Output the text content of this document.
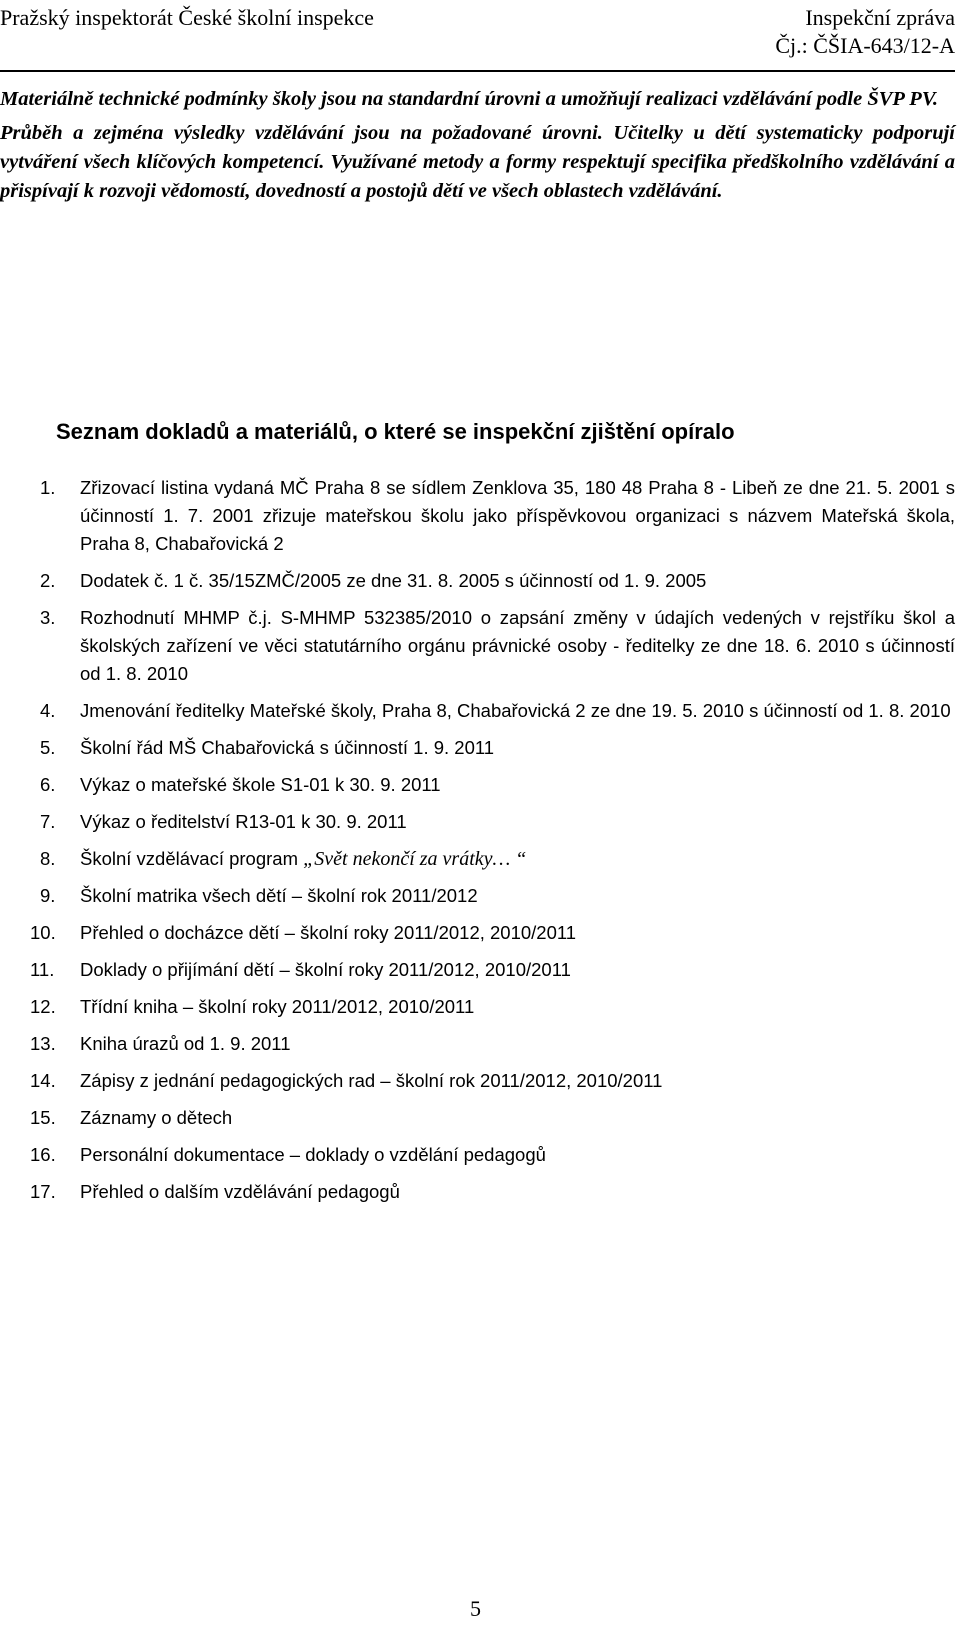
Pražský inspektorát České školní inspekce	Inspekční zpráva
Čj.: ČŠIA-643/12-A

Materiálně technické podmínky školy jsou na standardní úrovni a umožňují realizaci vzdělávání podle ŠVP PV.

Průběh a zejména výsledky vzdělávání jsou na požadované úrovni. Učitelky u dětí systematicky podporují vytváření všech klíčových kompetencí. Využívané metody a formy respektují specifika předškolního vzdělávání a přispívají k rozvoji vědomostí, dovedností a postojů dětí ve všech oblastech vzdělávání.

Seznam dokladů a materiálů, o které se inspekční zjištění opíralo
1. Zřizovací listina vydaná MČ Praha 8 se sídlem Zenklova 35, 180 48 Praha 8 - Libeň ze dne 21. 5. 2001 s účinností 1. 7. 2001 zřizuje mateřskou školu jako příspěvkovou organizaci s názvem Mateřská škola, Praha 8, Chabařovická 2
2. Dodatek č. 1 č. 35/15ZMČ/2005 ze dne 31. 8. 2005 s účinností od 1. 9. 2005
3. Rozhodnutí MHMP č.j. S-MHMP 532385/2010 o zapsání změny v údajích vedených v rejstříku škol a školských zařízení ve věci statutárního orgánu právnické osoby - ředitelky ze dne 18. 6. 2010 s účinností od 1. 8. 2010
4. Jmenování ředitelky Mateřské školy, Praha 8, Chabařovická 2 ze dne 19. 5. 2010 s účinností od 1. 8. 2010
5. Školní řád MŠ Chabařovická s účinností 1. 9. 2011
6. Výkaz o mateřské škole S1-01 k 30. 9. 2011
7. Výkaz o ředitelství R13-01 k 30. 9. 2011
8. Školní vzdělávací program „Svět nekončí za vrátky… “
9. Školní matrika všech dětí – školní rok 2011/2012
10. Přehled o docházce dětí – školní roky 2011/2012, 2010/2011
11. Doklady o přijímání dětí – školní roky 2011/2012, 2010/2011
12. Třídní kniha – školní roky 2011/2012, 2010/2011
13. Kniha úrazů od 1. 9. 2011
14. Zápisy z jednání pedagogických rad – školní rok 2011/2012, 2010/2011
15. Záznamy o dětech
16. Personální dokumentace – doklady o vzdělání pedagogů
17. Přehled o dalším vzdělávání pedagogů
5
